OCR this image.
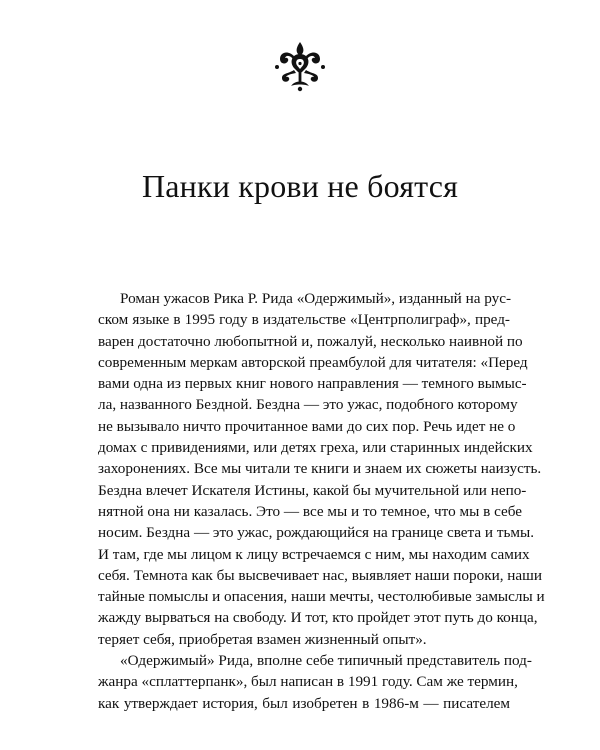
Панки крови не боятся
Роман ужасов Рика Р. Рида «Одержимый», изданный на рус-
ском языке в 1995 году в издательстве «Центрполиграф», пред-
варен достаточно любопытной и, пожалуй, несколько наивной по
современным меркам авторской преамбулой для читателя: «Перед
вами одна из первых книг нового направления — темного вымыс-
ла, названного Бездной. Бездна — это ужас, подобного которому
не вызывало ничто прочитанное вами до сих пор. Речь идет не о
домах с привидениями, или детях греха, или старинных индейских
захоронениях. Все мы читали те книги и знаем их сюжеты наизусть.
Бездна влечет Искателя Истины, какой бы мучительной или непо-
нятной она ни казалась. Это — все мы и то темное, что мы в себе
носим. Бездна — это ужас, рождающийся на границе света и тьмы.
И там, где мы лицом к лицу встречаемся с ним, мы находим самих
себя. Темнота как бы высвечивает нас, выявляет наши пороки, наши
тайные помыслы и опасения, наши мечты, честолюбивые замыслы и
жажду вырваться на свободу. И тот, кто пройдет этот путь до конца,
теряет себя, приобретая взамен жизненный опыт».
«Одержимый» Рида, вполне себе типичный представитель под-
жанра «сплаттерпанк», был написан в 1991 году. Сам же термин,
как утверждает история, был изобретен в 1986-м — писателем
